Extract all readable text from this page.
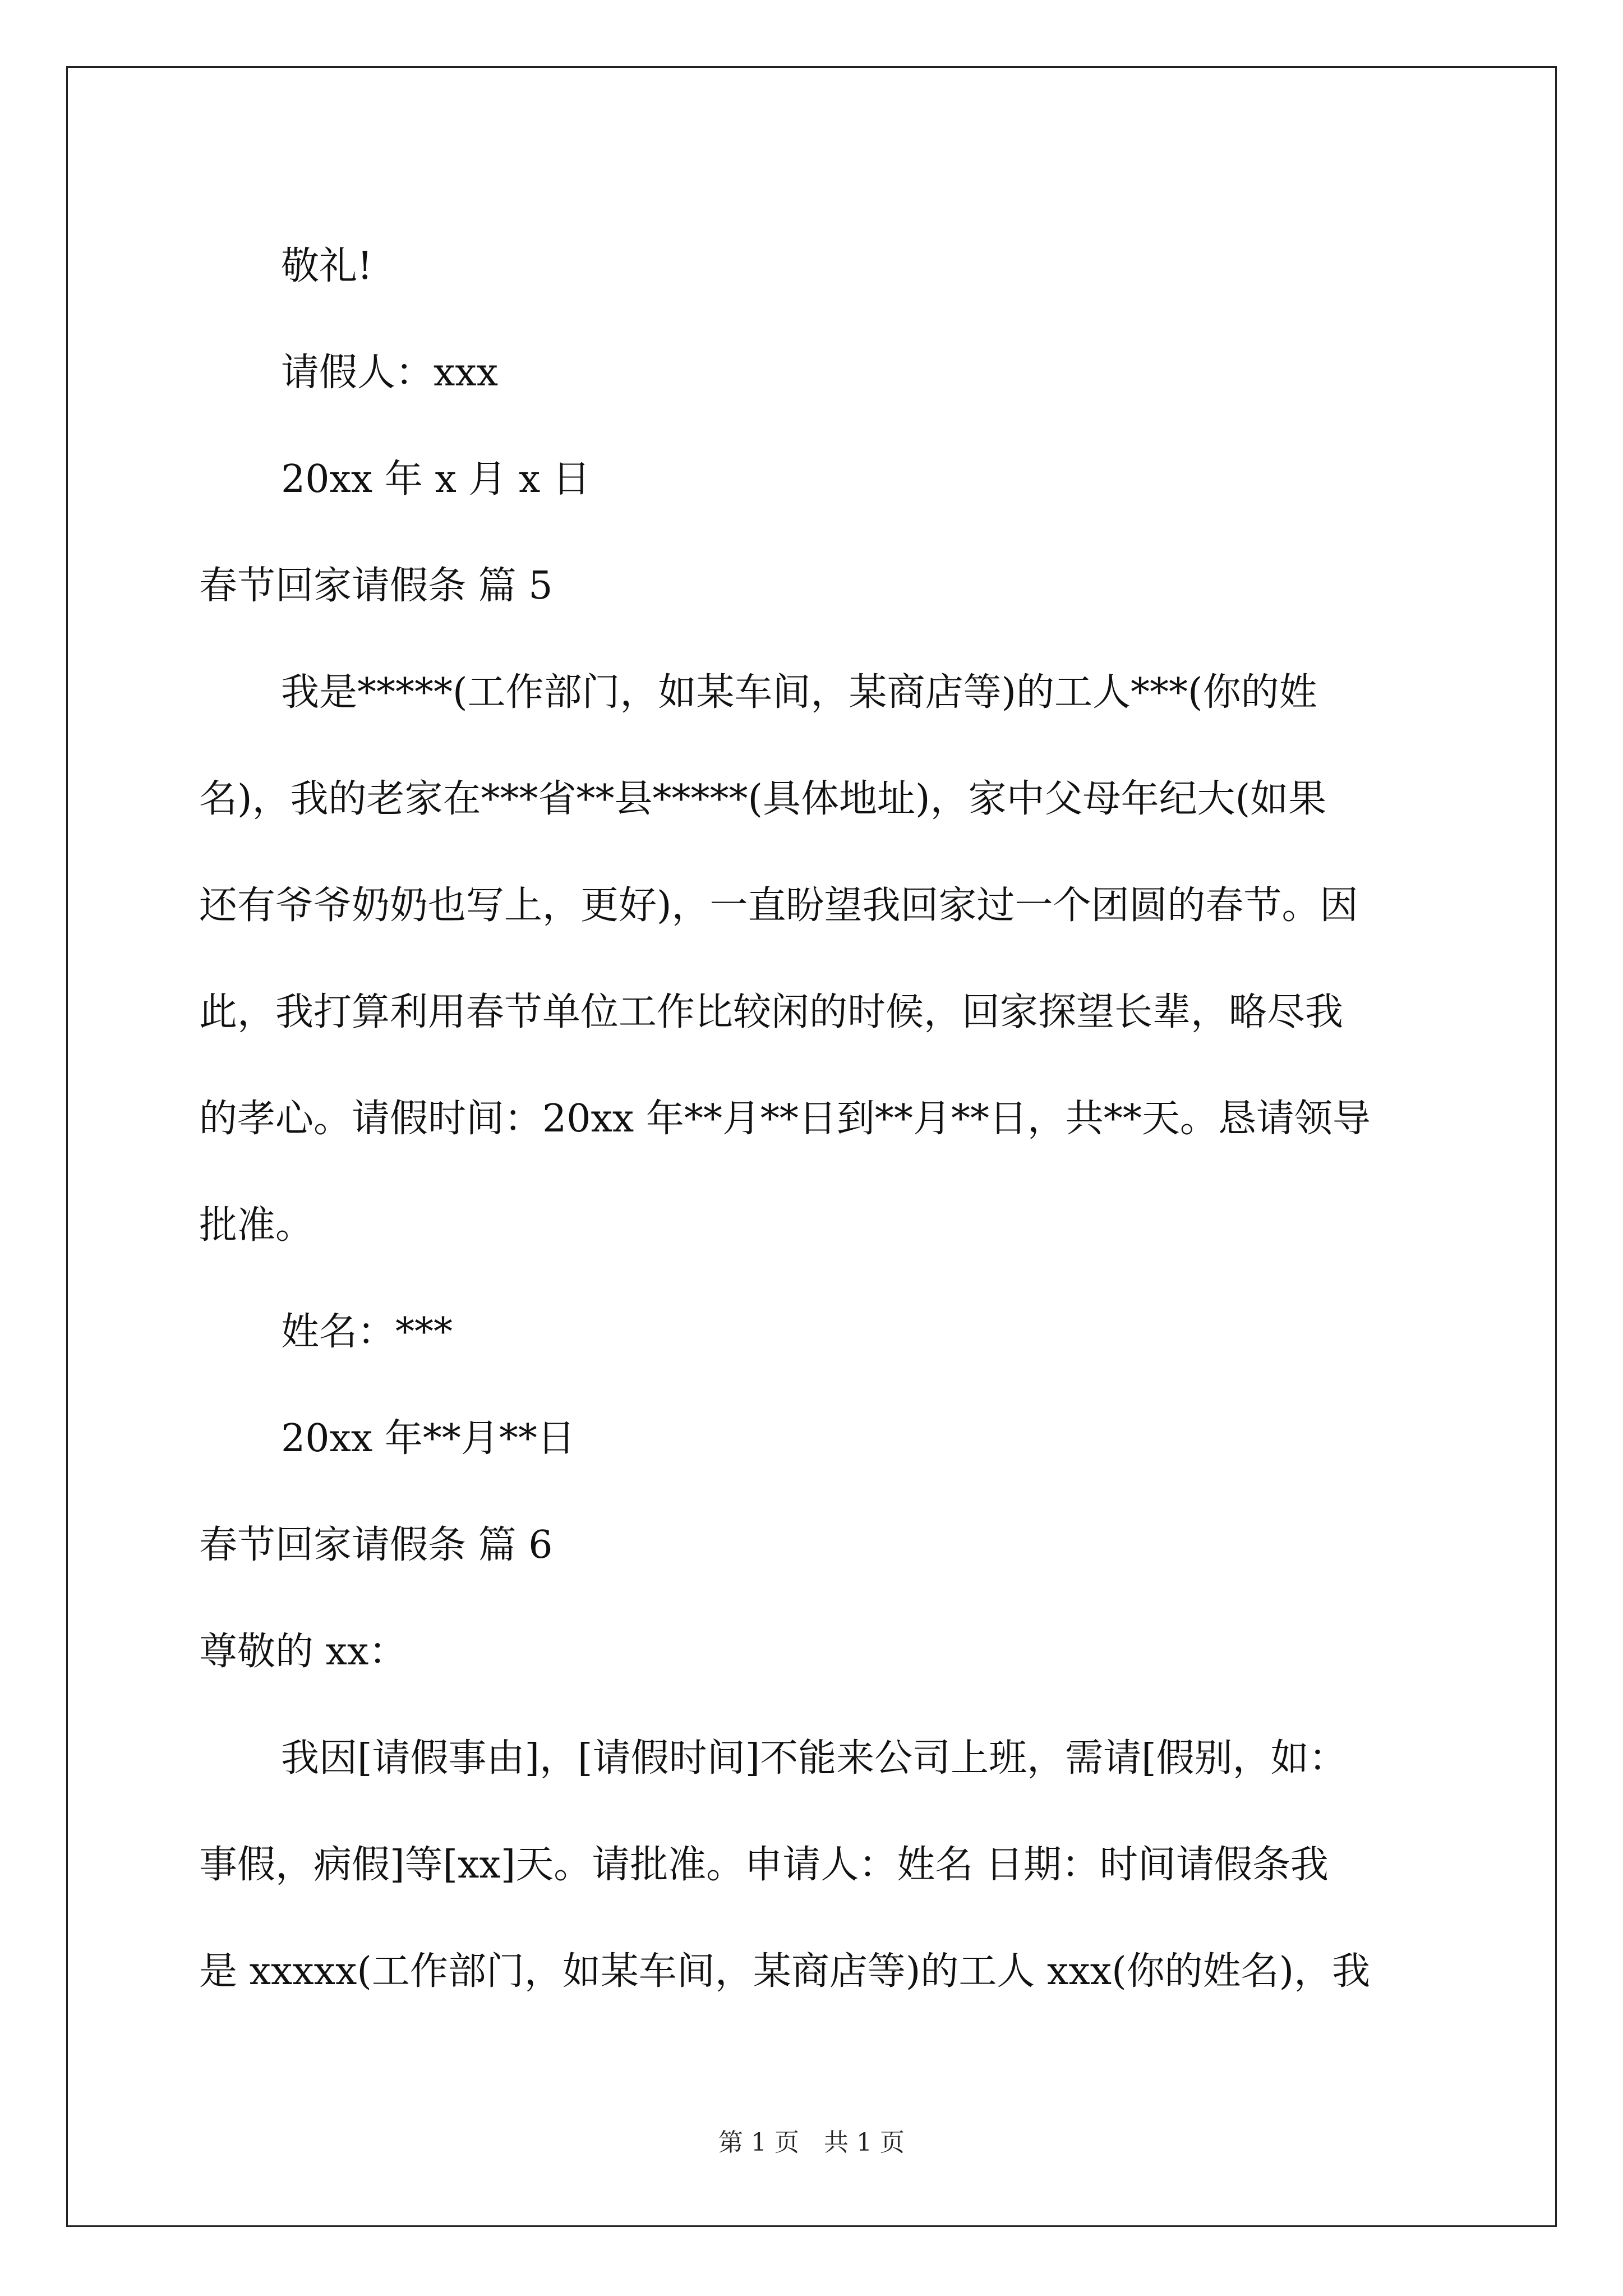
敬礼!
请假人：xxx
20xx 年 x 月 x 日
春节回家请假条 篇 5
我是*****(工作部门，如某车间，某商店等)的工人***(你的姓
名)，我的老家在***省**县*****(具体地址)，家中父母年纪大(如果
还有爷爷奶奶也写上，更好)，一直盼望我回家过一个团圆的春节。因
此，我打算利用春节单位工作比较闲的时候，回家探望长辈，略尽我
的孝心。请假时间：20xx 年**月**日到**月**日，共**天。恳请领导
批准。
姓名：***
20xx 年**月**日
春节回家请假条 篇 6
尊敬的 xx：
我因[请假事由]，[请假时间]不能来公司上班，需请[假别，如：
事假，病假]等[xx]天。请批准。申请人：姓名 日期：时间请假条我
是 xxxxx(工作部门，如某车间，某商店等)的工人 xxx(你的姓名)，我
第 1 页　共 1 页
